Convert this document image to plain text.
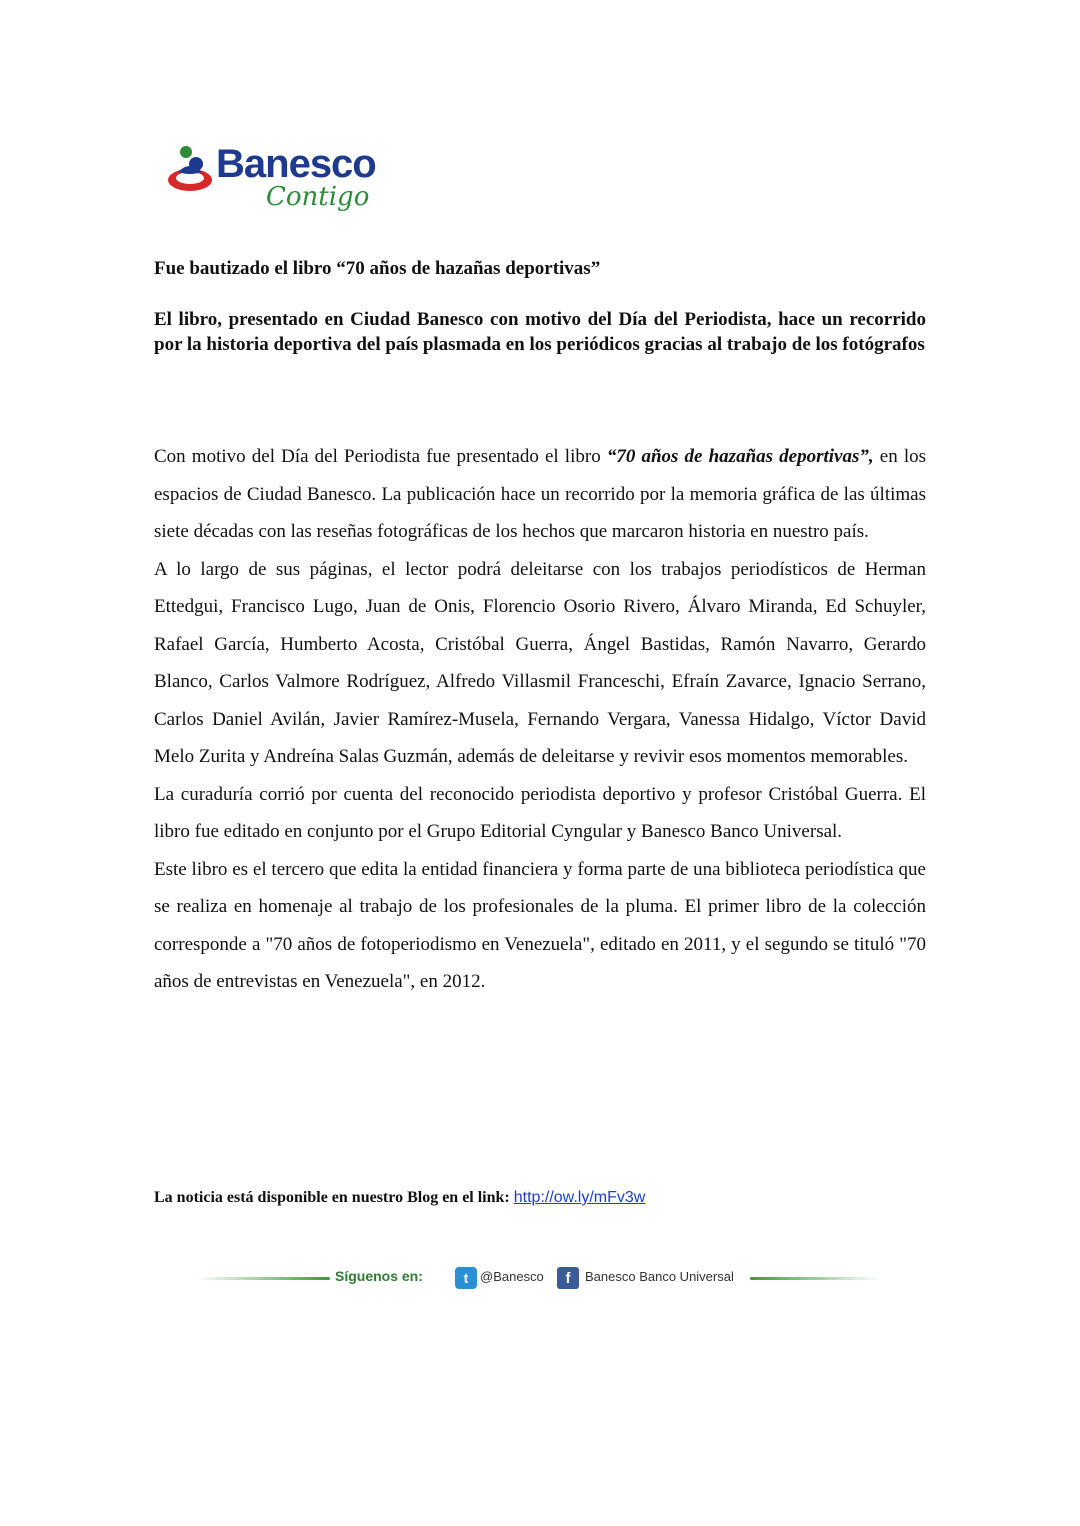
Banesco
Contigo
Fue bautizado el libro “70 años de hazañas deportivas”
El libro, presentado en Ciudad Banesco con motivo del Día del Periodista, hace un recorrido por la historia deportiva del país plasmada en los periódicos gracias al trabajo de los fotógrafos

Con motivo del Día del Periodista fue presentado el libro “70 años de hazañas deportivas”, en los espacios de Ciudad Banesco. La publicación hace un recorrido por la memoria gráfica de las últimas siete décadas con las reseñas fotográficas de los hechos que marcaron historia en nuestro país.

A lo largo de sus páginas, el lector podrá deleitarse con los trabajos periodísticos de Herman Ettedgui, Francisco Lugo, Juan de Onis, Florencio Osorio Rivero, Álvaro Miranda, Ed Schuyler, Rafael García, Humberto Acosta, Cristóbal Guerra, Ángel Bastidas, Ramón Navarro, Gerardo Blanco, Carlos Valmore Rodríguez, Alfredo Villasmil Franceschi, Efraín Zavarce, Ignacio Serrano, Carlos Daniel Avilán, Javier Ramírez-Musela, Fernando Vergara, Vanessa Hidalgo, Víctor David Melo Zurita y Andreína Salas Guzmán, además de deleitarse y revivir esos momentos memorables.

La curaduría corrió por cuenta del reconocido periodista deportivo y profesor Cristóbal Guerra. El libro fue editado en conjunto por el Grupo Editorial Cyngular y Banesco Banco Universal.

Este libro es el tercero que edita la entidad financiera y forma parte de una biblioteca periodística que se realiza en homenaje al trabajo de los profesionales de la pluma. El primer libro de la colección corresponde a "70 años de fotoperiodismo en Venezuela", editado en 2011, y el segundo se tituló "70 años de entrevistas en Venezuela", en 2012.

La noticia está disponible en nuestro Blog en el link: http://ow.ly/mFv3w
Síguenos en:	t @Banesco	f	Banesco Banco Universal
